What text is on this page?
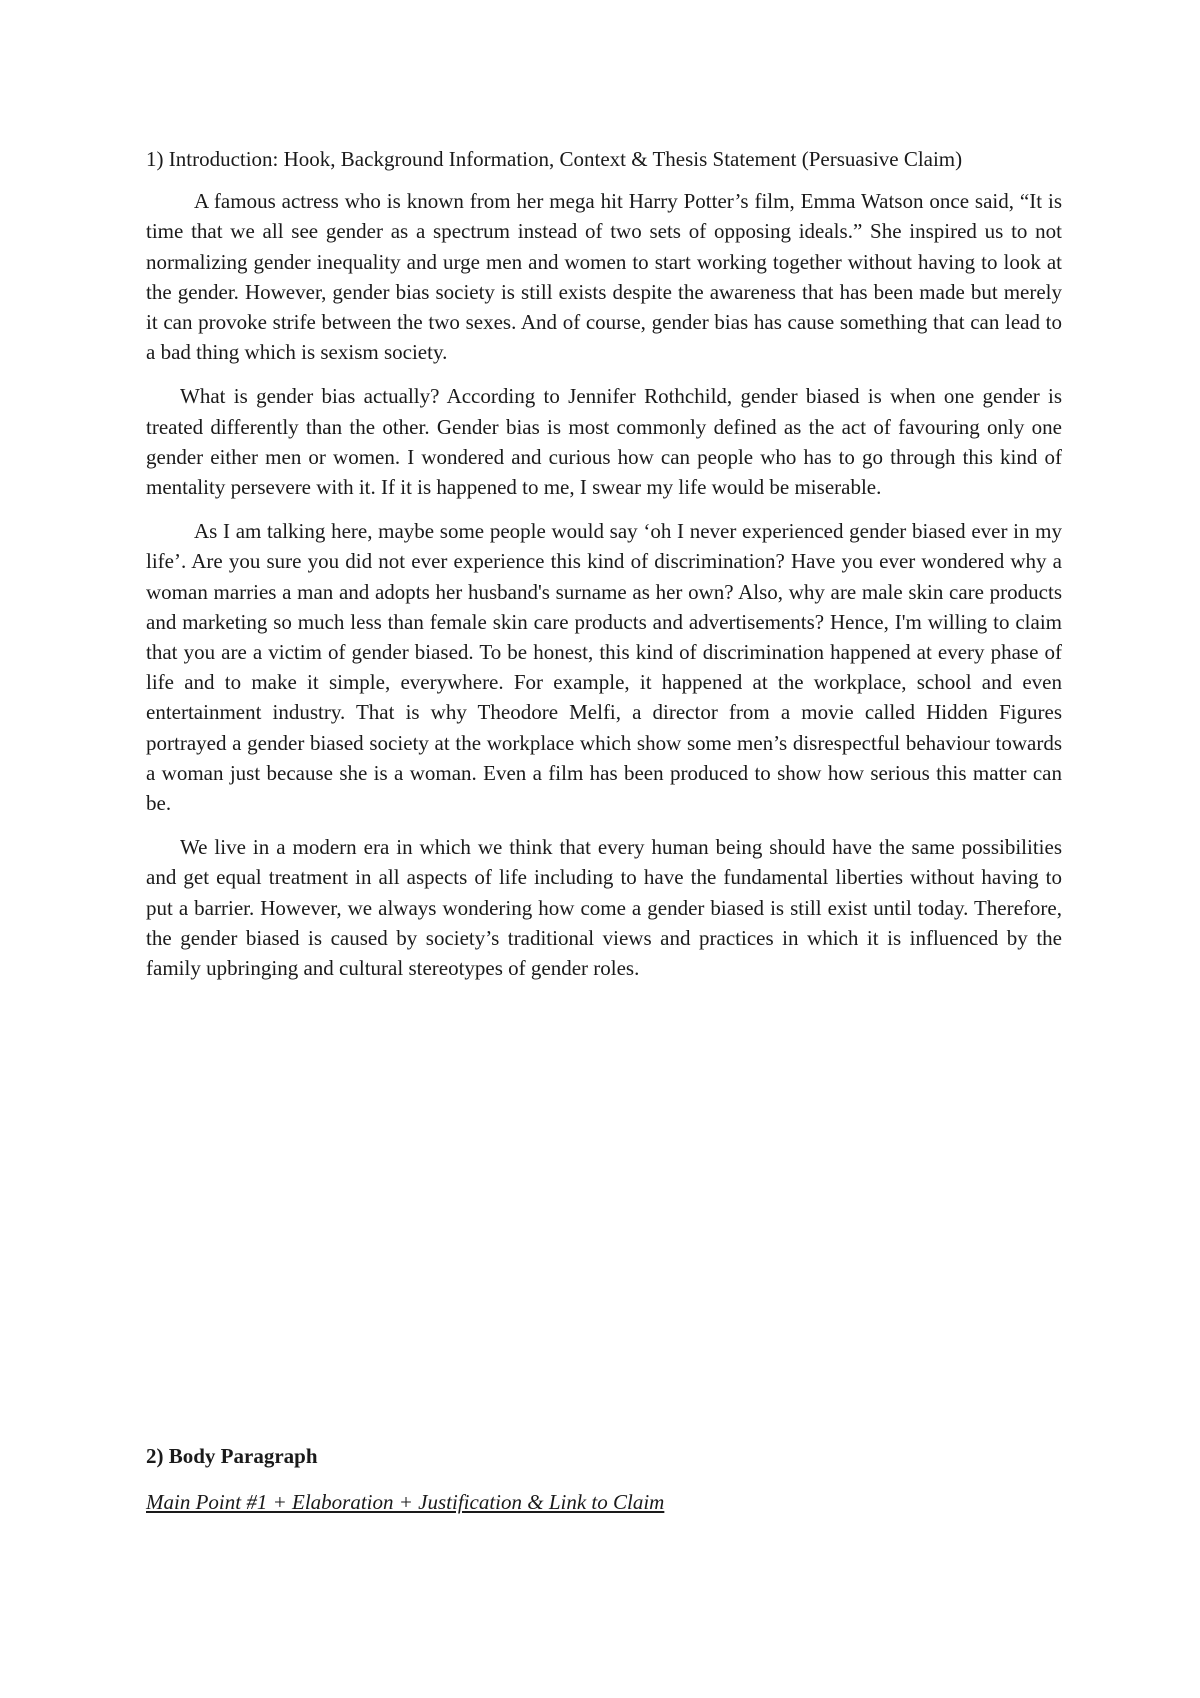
1) Introduction: Hook, Background Information, Context & Thesis Statement (Persuasive Claim)

A famous actress who is known from her mega hit Harry Potter’s film, Emma Watson once said, “It is time that we all see gender as a spectrum instead of two sets of opposing ideals.” She inspired us to not normalizing gender inequality and urge men and women to start working together without having to look at the gender. However, gender bias society is still exists despite the awareness that has been made but merely it can provoke strife between the two sexes. And of course, gender bias has cause something that can lead to a bad thing which is sexism society.

What is gender bias actually? According to Jennifer Rothchild, gender biased is when one gender is treated differently than the other. Gender bias is most commonly defined as the act of favouring only one gender either men or women. I wondered and curious how can people who has to go through this kind of mentality persevere with it. If it is happened to me, I swear my life would be miserable.

As I am talking here, maybe some people would say ‘oh I never experienced gender biased ever in my life’. Are you sure you did not ever experience this kind of discrimination? Have you ever wondered why a woman marries a man and adopts her husband's surname as her own? Also, why are male skin care products and marketing so much less than female skin care products and advertisements? Hence, I'm willing to claim that you are a victim of gender biased. To be honest, this kind of discrimination happened at every phase of life and to make it simple, everywhere. For example, it happened at the workplace, school and even entertainment industry. That is why Theodore Melfi, a director from a movie called Hidden Figures portrayed a gender biased society at the workplace which show some men’s disrespectful behaviour towards a woman just because she is a woman. Even a film has been produced to show how serious this matter can be.

We live in a modern era in which we think that every human being should have the same possibilities and get equal treatment in all aspects of life including to have the fundamental liberties without having to put a barrier. However, we always wondering how come a gender biased is still exist until today. Therefore, the gender biased is caused by society’s traditional views and practices in which it is influenced by the family upbringing and cultural stereotypes of gender roles.

2) Body Paragraph

Main Point #1 + Elaboration + Justification & Link to Claim
